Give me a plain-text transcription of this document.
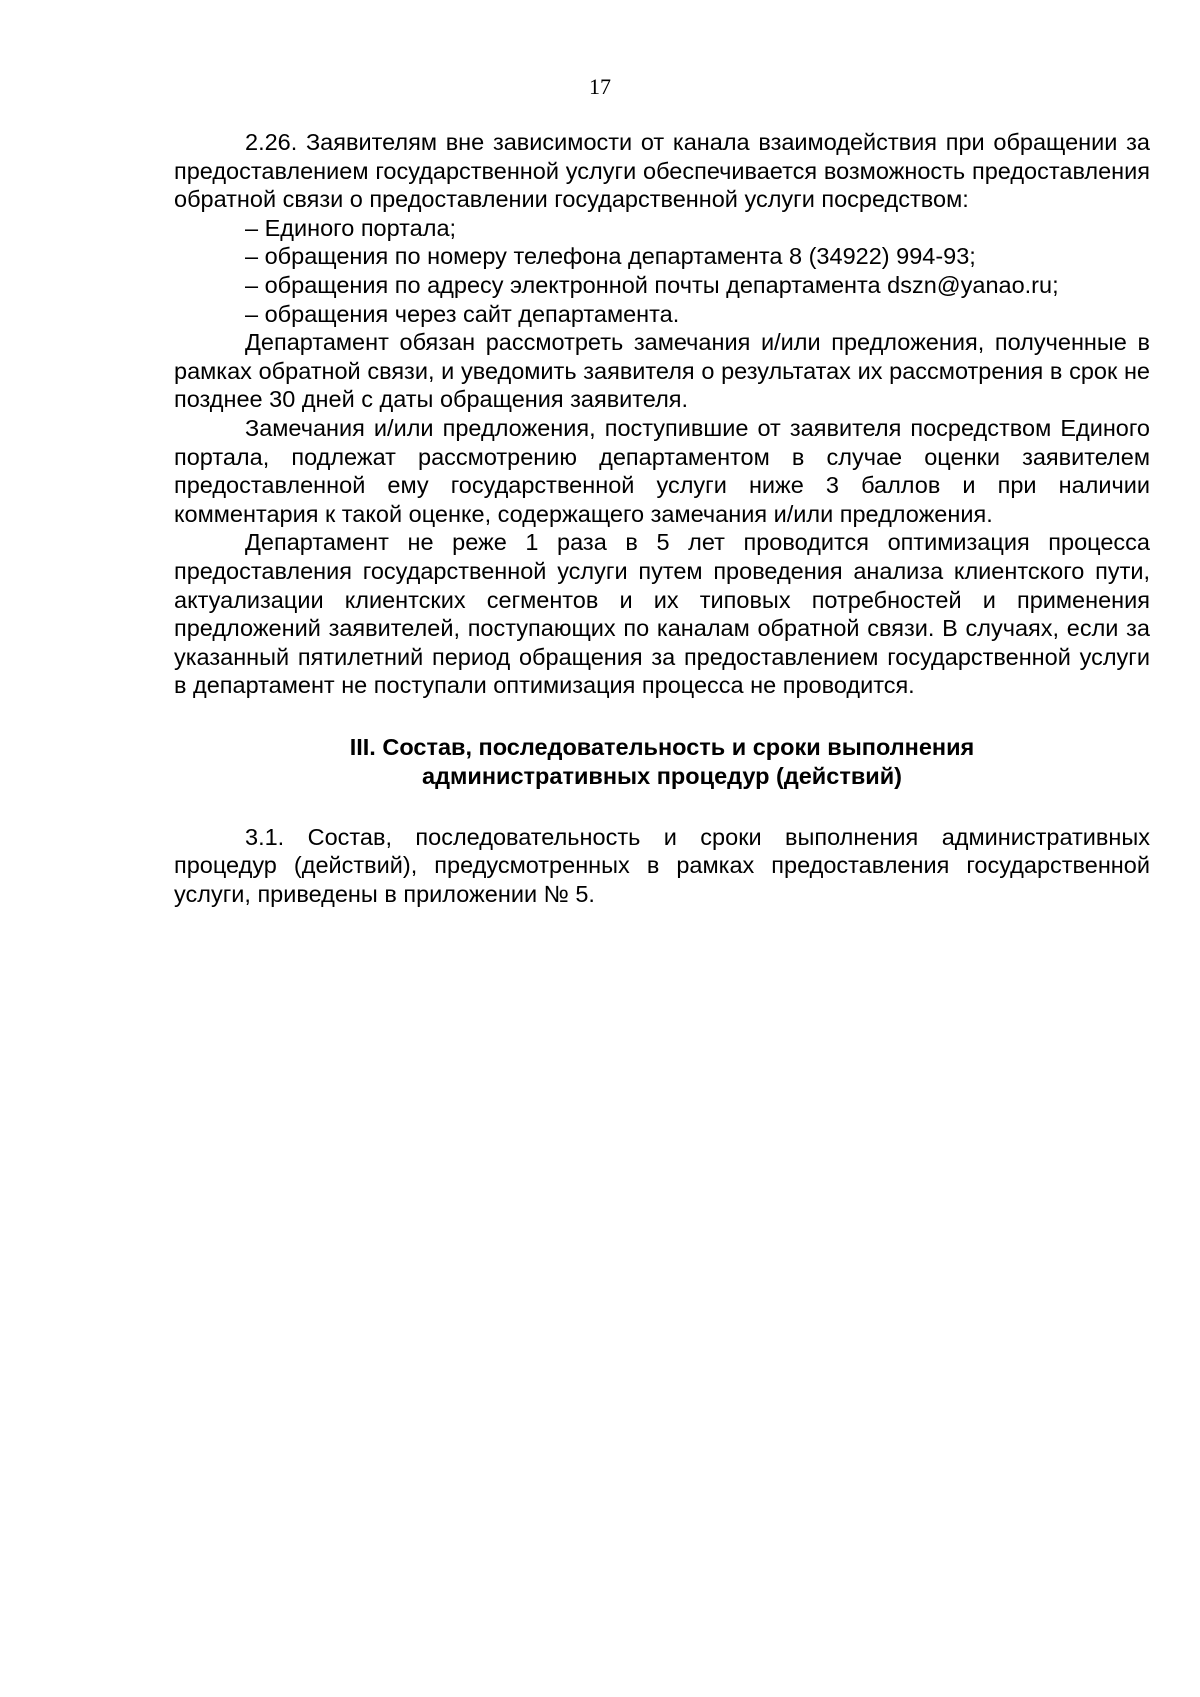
17

2.26. Заявителям вне зависимости от канала взаимодействия при обращении за предоставлением государственной услуги обеспечивается возможность предоставления обратной связи о предоставлении государственной услуги посредством:

– Единого портала;

– обращения по номеру телефона департамента 8 (34922) 994-93;

– обращения по адресу электронной почты департамента dszn@yanao.ru;

– обращения через сайт департамента.

Департамент обязан рассмотреть замечания и/или предложения, полученные в рамках обратной связи, и уведомить заявителя о результатах их рассмотрения в срок не позднее 30 дней с даты обращения заявителя.

Замечания и/или предложения, поступившие от заявителя посредством Единого портала, подлежат рассмотрению департаментом в случае оценки заявителем предоставленной ему государственной услуги ниже 3 баллов и при наличии комментария к такой оценке, содержащего замечания и/или предложения.

Департамент не реже 1 раза в 5 лет проводится оптимизация процесса предоставления государственной услуги путем проведения анализа клиентского пути, актуализации клиентских сегментов и их типовых потребностей и применения предложений заявителей, поступающих по каналам обратной связи. В случаях, если за указанный пятилетний период обращения за предоставлением государственной услуги в департамент не поступали оптимизация процесса не проводится.

III. Состав, последовательность и сроки выполнения
административных процедур (действий)

3.1. Состав, последовательность и сроки выполнения административных процедур (действий), предусмотренных в рамках предоставления государственной услуги, приведены в приложении № 5.
